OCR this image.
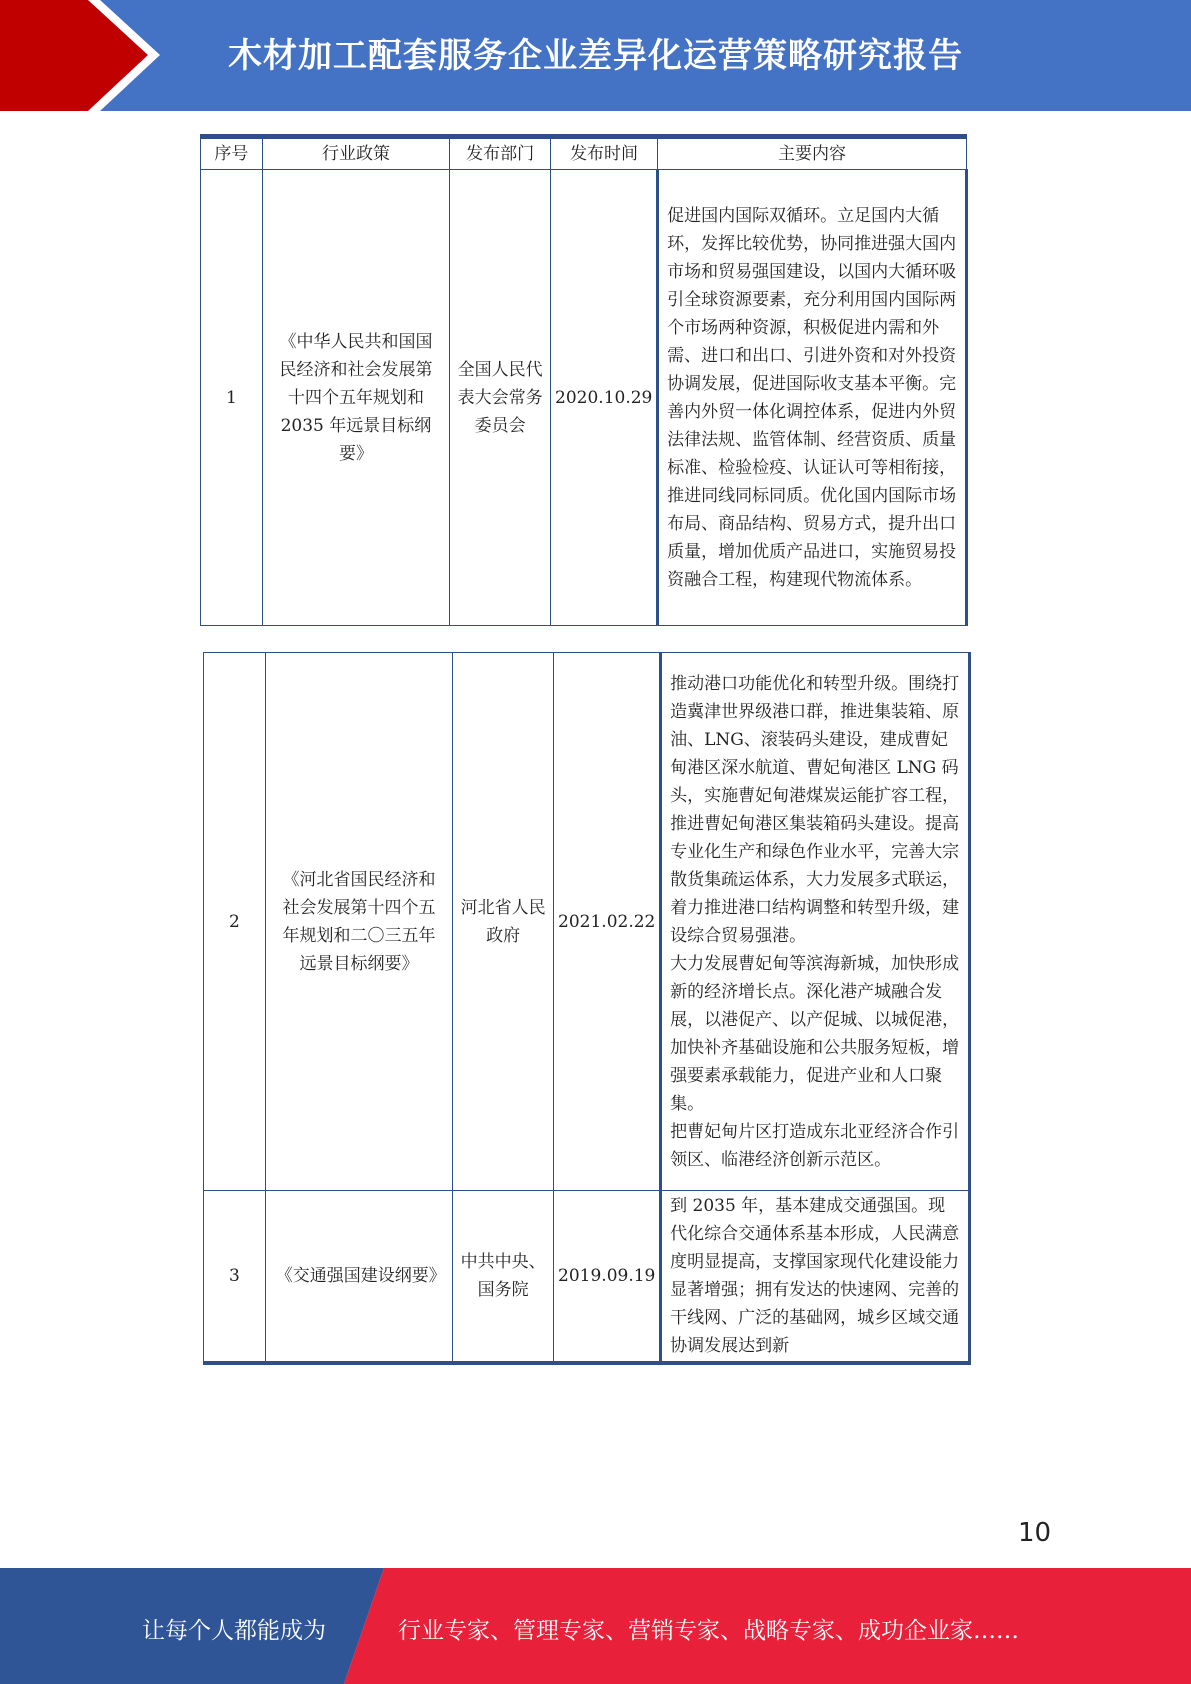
木材加工配套服务企业差异化运营策略研究报告
序号	行业政策	发布部门	发布时间	主要内容
1	《中华人民共和国国民经济和社会发展第十四个五年规划和 2035 年远景目标纲要》	全国人民代表大会常务委员会	2020.10.29	促进国内国际双循环。立足国内大循环，发挥比较优势，协同推进强大国内市场和贸易强国建设，以国内大循环吸引全球资源要素，充分利用国内国际两个市场两种资源，积极促进内需和外需、进口和出口、引进外资和对外投资协调发展，促进国际收支基本平衡。完善内外贸一体化调控体系，促进内外贸法律法规、监管体制、经营资质、质量标准、检验检疫、认证认可等相衔接，推进同线同标同质。优化国内国际市场布局、商品结构、贸易方式，提升出口质量，增加优质产品进口，实施贸易投资融合工程，构建现代物流体系。

2	《河北省国民经济和社会发展第十四个五年规划和二〇三五年远景目标纲要》	河北省人民政府	2021.02.22	推动港口功能优化和转型升级。围绕打造冀津世界级港口群，推进集装箱、原油、LNG、滚装码头建设，建成曹妃甸港区深水航道、曹妃甸港区 LNG 码头，实施曹妃甸港煤炭运能扩容工程，推进曹妃甸港区集装箱码头建设。提高专业化生产和绿色作业水平，完善大宗散货集疏运体系，大力发展多式联运，着力推进港口结构调整和转型升级，建设综合贸易强港。

大力发展曹妃甸等滨海新城，加快形成新的经济增长点。深化港产城融合发展，以港促产、以产促城、以城促港，加快补齐基础设施和公共服务短板，增强要素承载能力，促进产业和人口聚集。

把曹妃甸片区打造成东北亚经济合作引领区、临港经济创新示范区。

3	《交通强国建设纲要》	中共中央、国务院	2019.09.19	到 2035 年，基本建成交通强国。现代化综合交通体系基本形成，人民满意度明显提高，支撑国家现代化建设能力显著增强；拥有发达的快速网、完善的干线网、广泛的基础网，城乡区域交通协调发展达到新

10
让每个人都能成为	行业专家、管理专家、营销专家、战略专家、成功企业家……
